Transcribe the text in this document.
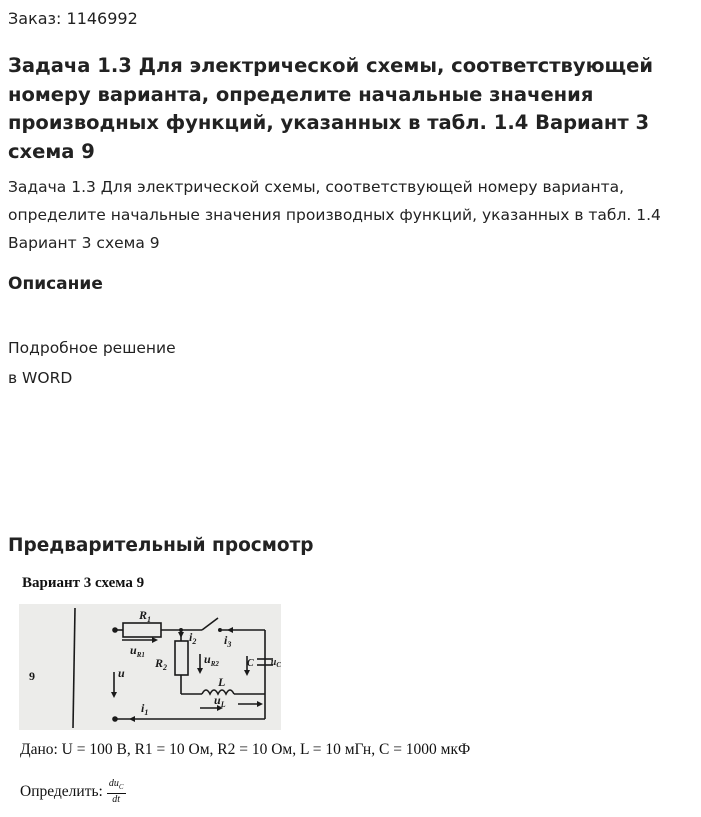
Заказ: 1146992
Задача 1.3 Для электрической схемы, соответствующей номеру варианта, определите начальные значения производных функций, указанных в табл. 1.4 Вариант 3 схема 9

Задача 1.3 Для электрической схемы, соответствующей номеру варианта, определите начальные значения производных функций, указанных в табл. 1.4 Вариант 3 схема 9

Описание
Подробное решение
в WORD
Предварительный просмотр
Вариант 3 схема 9
9
$R_1$
$u_{R1}$
$R_2$
$i_2$
$u_{R2}$
$i_3$
C $u_C$
L
$u_L$
u
$i_1$
Дано: U = 100 В, R1 = 10 Ом, R2 = 10 Ом, L = 10 мГн, C = 1000 мкФ
Определить: $\frac{du_C}{dt}$
